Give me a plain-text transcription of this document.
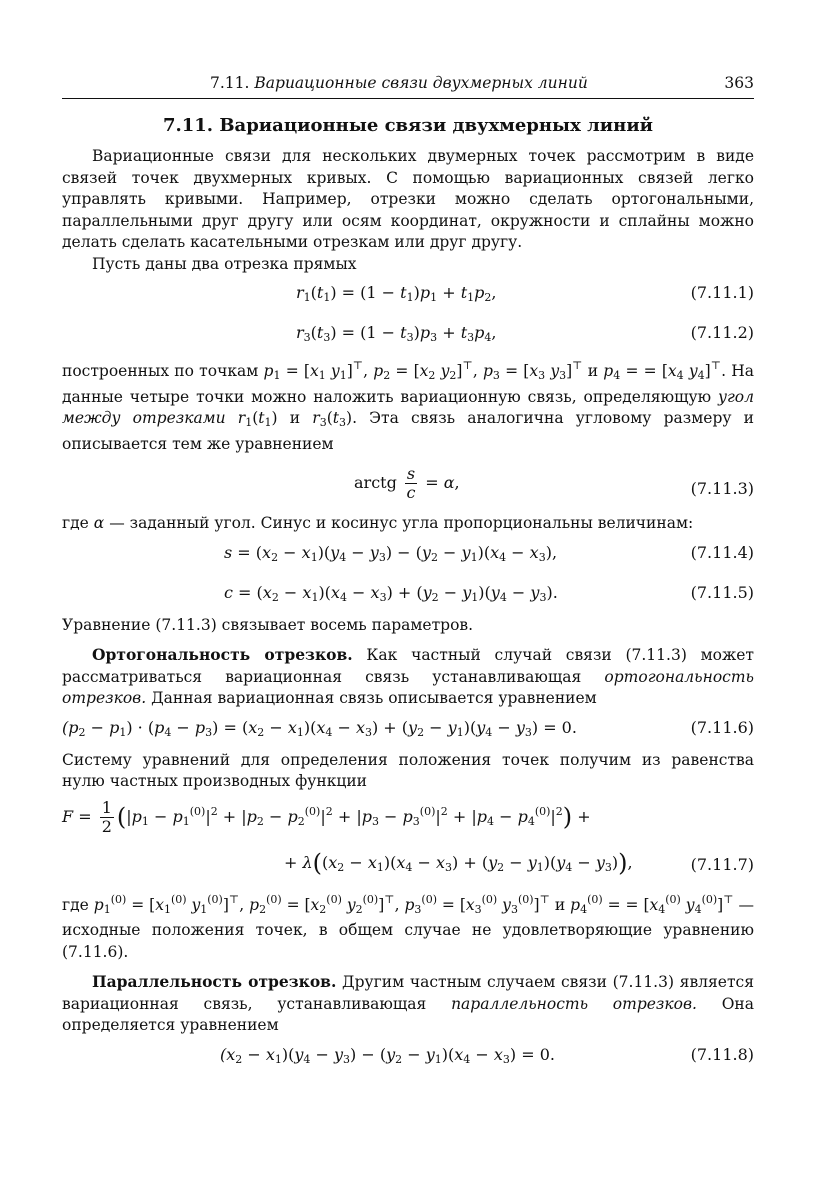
7.11. Вариационные связи двухмерных линий	363
7.11. Вариационные связи двухмерных линий

Вариационные связи для нескольких двумерных точек рассмотрим в виде связей точек двухмерных кривых. С помощью вариационных связей легко управлять кривыми. Например, отрезки можно сделать ортогональными, параллельными друг другу или осям координат, окружности и сплайны можно делать сделать касательными отрезкам или друг другу.

Пусть даны два отрезка прямых

$r_1(t_1) = (1 - t_1)p_1 + t_1p_2$,	(7.11.1)
$r_3(t_3) = (1 - t_3)p_3 + t_3p_4$,	(7.11.2)

построенных по точкам $p_1 = [x_1$ $y_1]^⊤$, $p_2 = [x_2$ $y_2]^⊤$, $p_3 = [x_3$ $y_3]^⊤$ и $p_4$ = = [$x_4$ $y_4]^⊤$. На данные четыре точки можно наложить вариационную связь, определяющую угол между отрезками $r_1(t_1)$ и $r_3(t_3)$. Эта связь аналогична угловому размеру и описывается тем же уравнением

arctg $\frac{s}{c} = \alpha$,	(7.11.3)

где α — заданный угол. Синус и косинус угла пропорциональны величинам:

$s = (x_2 - x_1)(y_4 - y_3) - (y_2 - y_1)(x_4 - x_3)$,	(7.11.4)
$c = (x_2 - x_1)(x_4 - x_3) + (y_2 - y_1)(y_4 - y_3)$.	(7.11.5)

Уравнение (7.11.3) связывает восемь параметров.

Ортогональность отрезков. Как частный случай связи (7.11.3) может рассматриваться вариационная связь устанавливающая ортогональность отрезков. Данная вариационная связь описывается уравнением

$(p_2 - p_1) \cdot (p_4 - p_3) = (x_2 - x_1)(x_4 - x_3) + (y_2 - y_1)(y_4 - y_3) = 0$.	(7.11.6)

Систему уравнений для определения положения точек получим из равенства нулю частных производных функции

$F = \frac{1}{2} (|p_1 - p_1^{(0)}|^2 + |p_2 - p_2^{(0)}|^2 + |p_3 - p_3^{(0)}|^2 + |p_4 - p_4^{(0)}|^2)$ +
+ $\lambda((x_2 - x_1)(x_4 - x_3) + (y_2 - y_1)(y_4 - y_3))$,	(7.11.7)

где $p_1^{(0)} = [x_1^{(0)}$ $y_1^{(0)}]^⊤$, $p_2^{(0)} = [x_2^{(0)}$ $y_2^{(0)}]^⊤$, $p_3^{(0)} = [x_3^{(0)}$ $y_3^{(0)}]^⊤$ и $p_4^{(0)}$ = = [$x_4^{(0)}$ $y_4^{(0)}]^⊤$ — исходные положения точек, в общем случае не удовлетворяющие уравнению (7.11.6).

Параллельность отрезков. Другим частным случаем связи (7.11.3) является вариационная связь, устанавливающая параллельность отрезков. Она определяется уравнением

$(x_2 - x_1)(y_4 - y_3) - (y_2 - y_1)(x_4 - x_3) = 0$.	(7.11.8)
